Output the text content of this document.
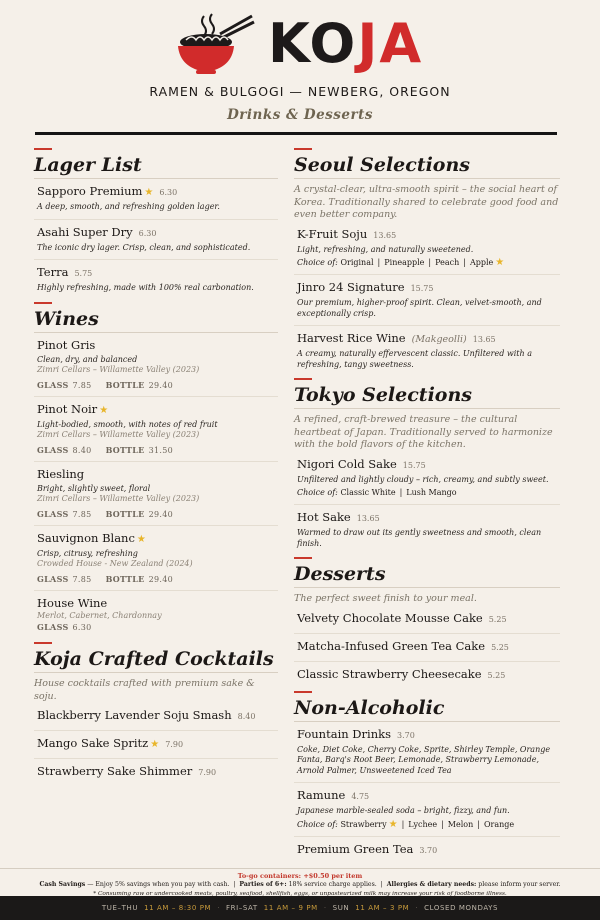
KOJA
RAMEN & BULGOGI — NEWBERG, OREGON
Drinks & Desserts
Lager List
Sapporo Premium ★ 6.30
A deep, smooth, and refreshing golden lager.
Asahi Super Dry 6.30
The iconic dry lager. Crisp, clean, and sophisticated.
Terra 5.75
Highly refreshing, made with 100% real carbonation.
Wines
Pinot Gris
Clean, dry, and balanced
Zimri Cellars – Willamette Valley (2023)
GLASS 7.85 BOTTLE 29.40
Pinot Noir ★
Light-bodied, smooth, with notes of red fruit
Zimri Cellars – Willamette Valley (2023)
GLASS 8.40 BOTTLE 31.50
Riesling
Bright, slightly sweet, floral
Zimri Cellars – Willamette Valley (2023)
GLASS 7.85 BOTTLE 29.40
Sauvignon Blanc ★
Crisp, citrusy, refreshing
Crowded House - New Zealand (2024)
GLASS 7.85 BOTTLE 29.40
House Wine
Merlot, Cabernet, Chardonnay
GLASS 6.30
Koja Crafted Cocktails
House cocktails crafted with premium sake & soju.
Blackberry Lavender Soju Smash 8.40
Mango Sake Spritz ★ 7.90
Strawberry Sake Shimmer 7.90
Seoul Selections
A crystal-clear, ultra-smooth spirit – the social heart of Korea. Traditionally shared to celebrate good food and even better company.
K-Fruit Soju 13.65
Light, refreshing, and naturally sweetened.
Choice of: Original | Pineapple | Peach | Apple ★
Jinro 24 Signature 15.75
Our premium, higher-proof spirit. Clean, velvet-smooth, and exceptionally crisp.
Harvest Rice Wine (Makgeolli) 13.65
A creamy, naturally effervescent classic. Unfiltered with a refreshing, tangy sweetness.
Tokyo Selections
A refined, craft-brewed treasure – the cultural heartbeat of Japan. Traditionally served to harmonize with the bold flavors of the kitchen.
Nigori Cold Sake 15.75
Unfiltered and lightly cloudy – rich, creamy, and subtly sweet.
Choice of: Classic White | Lush Mango
Hot Sake 13.65
Warmed to draw out its gently sweetness and smooth, clean finish.
Desserts
The perfect sweet finish to your meal.
Velvety Chocolate Mousse Cake 5.25
Matcha-Infused Green Tea Cake 5.25
Classic Strawberry Cheesecake 5.25
Non-Alcoholic
Fountain Drinks 3.70
Coke, Diet Coke, Cherry Coke, Sprite, Shirley Temple, Orange Fanta, Barq's Root Beer, Lemonade, Strawberry Lemonade, Arnold Palmer, Unsweetened Iced Tea
Ramune 4.75
Japanese marble-sealed soda – bright, fizzy, and fun.
Choice of: Strawberry ★ | Lychee | Melon | Orange
Premium Green Tea 3.70
To-go containers: +$0.50 per item
Cash Savings — Enjoy 5% savings when you pay with cash.  |  Parties of 6+: 18% service charge applies.  |  Allergies & dietary needs: please inform your server.
* Consuming raw or undercooked meats, poultry, seafood, shellfish, eggs, or unpasteurized milk may increase your risk of foodborne illness.
TUE–THU 11 AM – 8:30 PM · FRI–SAT 11 AM – 9 PM · SUN 11 AM – 3 PM · CLOSED MONDAYS
